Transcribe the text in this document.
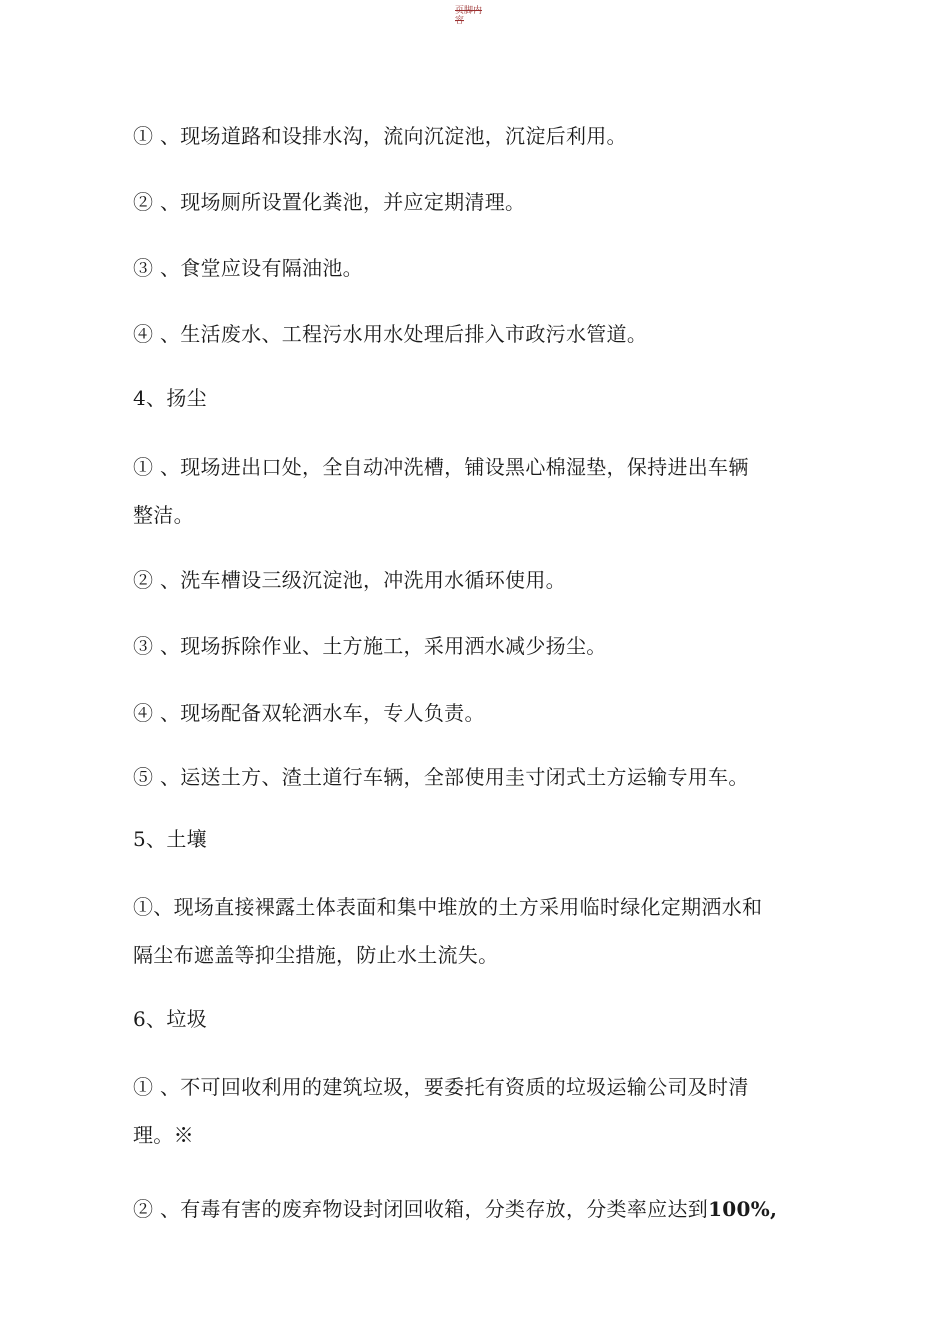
页脚内容
① 、现场道路和设排水沟，流向沉淀池，沉淀后利用。
② 、现场厕所设置化粪池，并应定期清理。
③ 、食堂应设有隔油池。
④ 、生活废水、工程污水用水处理后排入市政污水管道。
4、扬尘
① 、现场进出口处，全自动冲洗槽，铺设黑心棉湿垫，保持进出车辆
整洁。
② 、洗车槽设三级沉淀池，冲洗用水循环使用。
③ 、现场拆除作业、土方施工，采用洒水减少扬尘。
④ 、现场配备双轮洒水车，专人负责。
⑤ 、运送土方、渣土道行车辆，全部使用圭寸闭式土方运输专用车。
5、土壤
①、现场直接裸露土体表面和集中堆放的土方采用临时绿化定期洒水和
隔尘布遮盖等抑尘措施，防止水土流失。
6、垃圾
① 、不可回收利用的建筑垃圾，要委托有资质的垃圾运输公司及时清
理。※
② 、有毒有害的废弃物设封闭回收箱，分类存放，分类率应达到100%,
